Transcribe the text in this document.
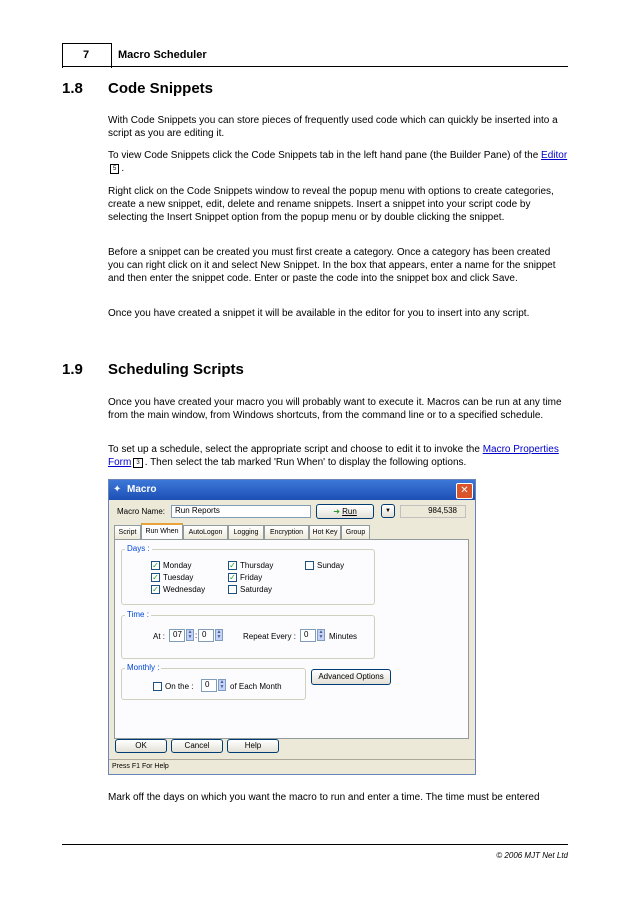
7	Macro Scheduler
1.8 Code Snippets
With Code Snippets you can store pieces of frequently used code which can quickly be inserted into a script as you are editing it.
To view Code Snippets click the Code Snippets tab in the left hand pane (the Builder Pane) of the Editor5 .
Right click on the Code Snippets window to reveal the popup menu with options to create categories, create a new snippet, edit, delete and rename snippets. Insert a snippet into your script code by selecting the Insert Snippet option from the popup menu or by double clicking the snippet.
Before a snippet can be created you must first create a category. Once a category has been created you can right click on it and select New Snippet. In the box that appears, enter a name for the snippet and then enter the snippet code. Enter or paste the code into the snippet box and click Save.
Once you have created a snippet it will be available in the editor for you to insert into any script.
1.9 Scheduling Scripts
Once you have created your macro you will probably want to execute it. Macros can be run at any time from the main window, from Windows shortcuts, from the command line or to a specified schedule.
To set up a schedule, select the appropriate script and choose to edit it to invoke the Macro Properties Form 3 . Then select the tab marked 'Run When' to display the following options.
✦ Macro	✕
Macro Name:	Run Reports	➜ Run	▼	984,538
Script	Run When	AutoLogon	Logging	Encryption	Hot Key	Group
Days :
✓ Monday
✓ Tuesday
✓ Wednesday
✓ Thursday
✓ Friday
Saturday
Sunday
Time :
At : 07	▲
▼ : 0	▲
▼	Repeat Every :	0	▲
▼ Minutes
Monthly :
On the :	0	▲
▼ of Each Month
Advanced Options
OK	Cancel	Help
Press F1 For Help
Mark off the days on which you want the macro to run and enter a time. The time must be entered
© 2006 MJT Net Ltd
